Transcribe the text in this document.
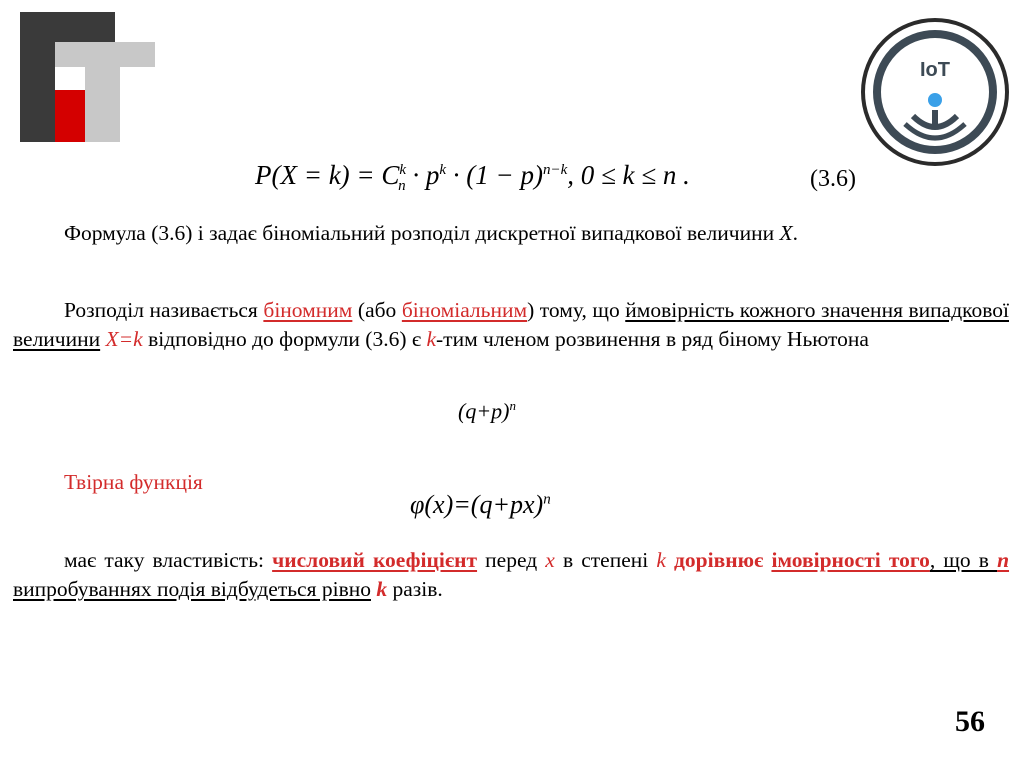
IoT
$P(X = k) = C^k_n \cdot p^k \cdot (1 - p)^{n-k}$, 0 ≤ k ≤ n .	(3.6)
Формула (3.6) і задає біноміальний розподіл дискретної випадкової величини X.
Розподіл називається біномним (або біноміальним) тому, що ймовірність кожного значення випадкової величини X=k відповідно до формули (3.6) є k-тим членом розвинення в ряд біному Ньютона
$(q+p)^n$
Твірна функція
$\varphi(x)=(q+px)^n$
має таку властивість: числовий коефіцієнт перед x в степені k дорівнює імовірності того, що в n випробуваннях подія відбудеться рівно k разів.
56
